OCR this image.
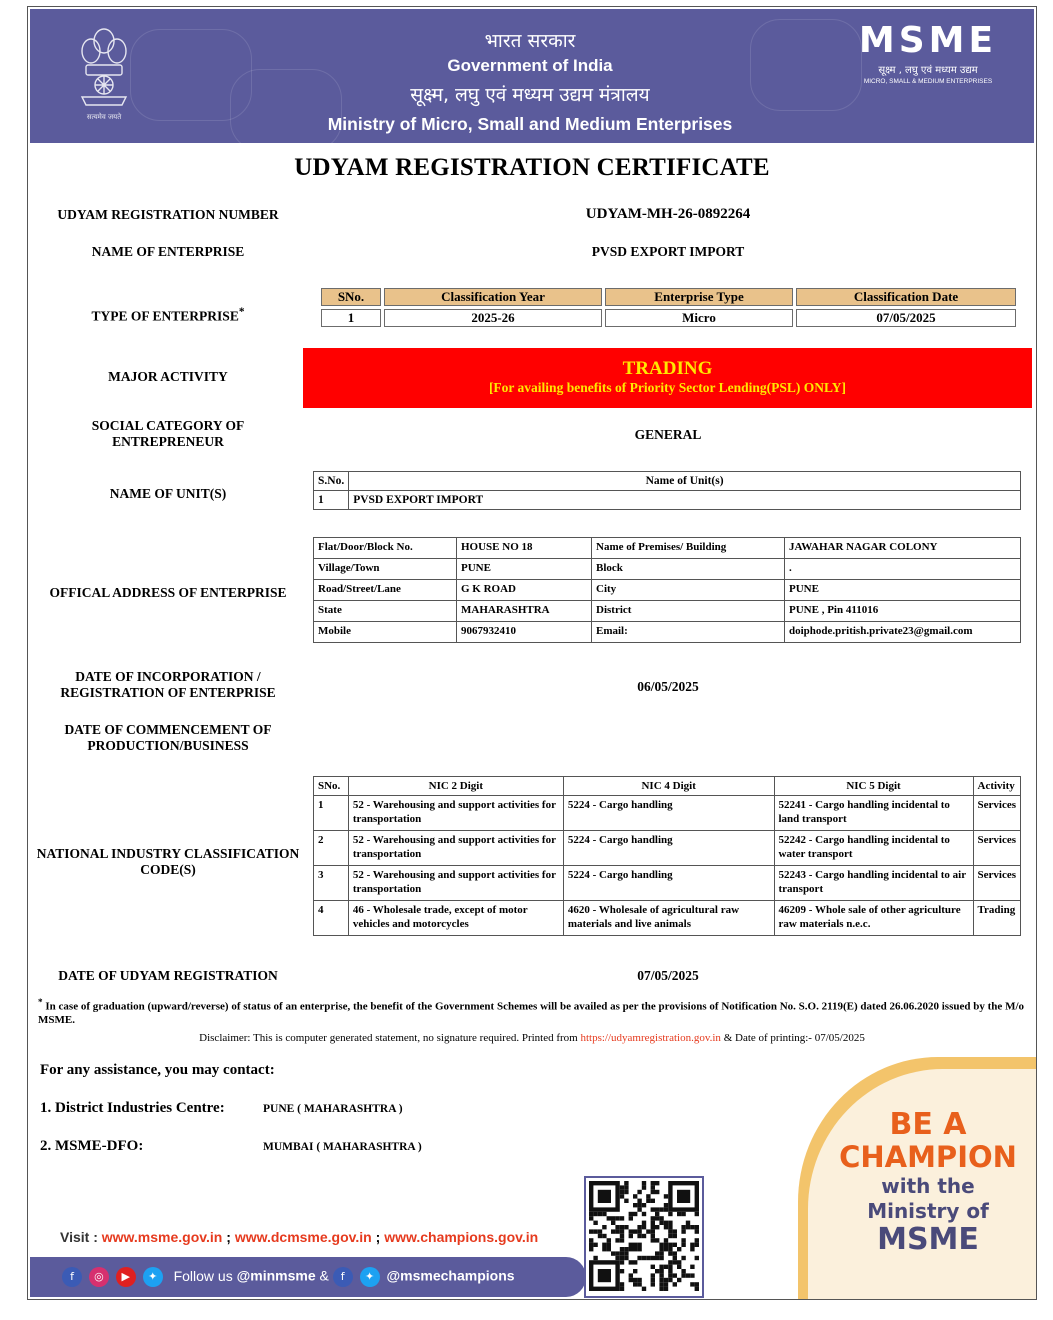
सत्यमेव जयते
भारत सरकार
Government of India
सूक्ष्म, लघु एवं मध्यम उद्यम मंत्रालय
Ministry of Micro, Small and Medium Enterprises
MSME
सूक्ष्म , लघु एवं मध्यम उद्यम
MICRO, SMALL & MEDIUM ENTERPRISES
UDYAM REGISTRATION CERTIFICATE
UDYAM REGISTRATION NUMBER	UDYAM-MH-26-0892264
NAME OF ENTERPRISE	PVSD EXPORT IMPORT
TYPE OF ENTERPRISE*
SNo.	Classification Year	Enterprise Type	Classification Date
1	2025-26	Micro	07/05/2025
MAJOR ACTIVITY	TRADING
[For availing benefits of Priority Sector Lending(PSL) ONLY]
SOCIAL CATEGORY OF ENTREPRENEUR	GENERAL
NAME OF UNIT(S)
S.No.	Name of Unit(s)
1	PVSD EXPORT IMPORT
OFFICAL ADDRESS OF ENTERPRISE
Flat/Door/Block No.	HOUSE NO 18	Name of Premises/ Building	JAWAHAR NAGAR COLONY
Village/Town	PUNE	Block	.
Road/Street/Lane	G K ROAD	City	PUNE
State	MAHARASHTRA	District	PUNE , Pin 411016
Mobile	9067932410	Email:	doiphode.pritish.private23@gmail.com
DATE OF INCORPORATION / REGISTRATION OF ENTERPRISE	06/05/2025
DATE OF COMMENCEMENT OF PRODUCTION/BUSINESS
NATIONAL INDUSTRY CLASSIFICATION CODE(S)
SNo.	NIC 2 Digit	NIC 4 Digit	NIC 5 Digit	Activity
1	52 - Warehousing and support activities for transportation	5224 - Cargo handling	52241 - Cargo handling incidental to land transport	Services
2	52 - Warehousing and support activities for transportation	5224 - Cargo handling	52242 - Cargo handling incidental to water transport	Services
3	52 - Warehousing and support activities for transportation	5224 - Cargo handling	52243 - Cargo handling incidental to air transport	Services
4	46 - Wholesale trade, except of motor vehicles and motorcycles	4620 - Wholesale of agricultural raw materials and live animals	46209 - Whole sale of other agriculture raw materials n.e.c.	Trading
DATE OF UDYAM REGISTRATION	07/05/2025
* In case of graduation (upward/reverse) of status of an enterprise, the benefit of the Government Schemes will be availed as per the provisions of Notification No. S.O. 2119(E) dated 26.06.2020 issued by the M/o MSME.
Disclaimer: This is computer generated statement, no signature required. Printed from https://udyamregistration.gov.in & Date of printing:- 07/05/2025
BE A
CHAMPION
with the
Ministry of
MSME
For any assistance, you may contact:
1. District Industries Centre:	PUNE ( MAHARASHTRA )
2. MSME-DFO:	MUMBAI ( MAHARASHTRA )
Visit : www.msme.gov.in ; www.dcmsme.gov.in ; www.champions.gov.in
f ◎ ▶ ✦ Follow us @minmsme & f ✦ @msmechampions
